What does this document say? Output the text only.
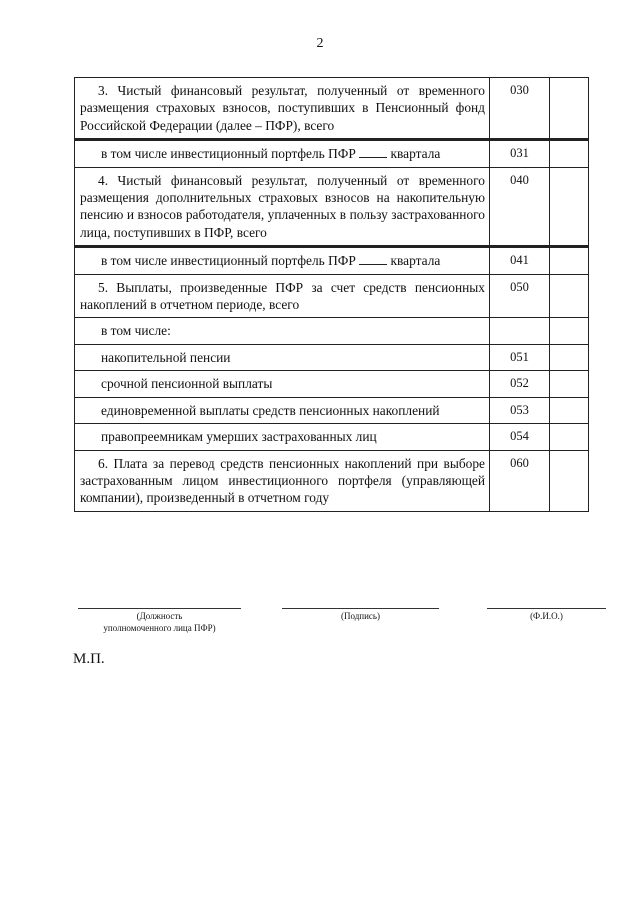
2
3. Чистый финансовый результат, полученный от временного размещения страховых взносов, поступивших в Пенсионный фонд Российской Федерации (далее – ПФР), всего	030	
в том числе инвестиционный портфель ПФР квартала	031	
4. Чистый финансовый результат, полученный от временного размещения дополнительных страховых взносов на накопительную пенсию и взносов работодателя, уплаченных в пользу застрахованного лица, поступивших в ПФР, всего	040	
в том числе инвестиционный портфель ПФР квартала	041	
5. Выплаты, произведенные ПФР за счет средств пенсионных накоплений в отчетном периоде, всего	050	
в том числе:		
накопительной пенсии	051	
срочной пенсионной выплаты	052	
единовременной выплаты средств пенсионных накоплений	053	
правопреемникам умерших застрахованных лиц	054	
6. Плата за перевод средств пенсионных накоплений при выборе застрахованным лицом инвестиционного портфеля (управляющей компании), произведенный в отчетном году	060	
(Должность
уполномоченного лица ПФР)
(Подпись)	(Ф.И.О.)
М.П.
